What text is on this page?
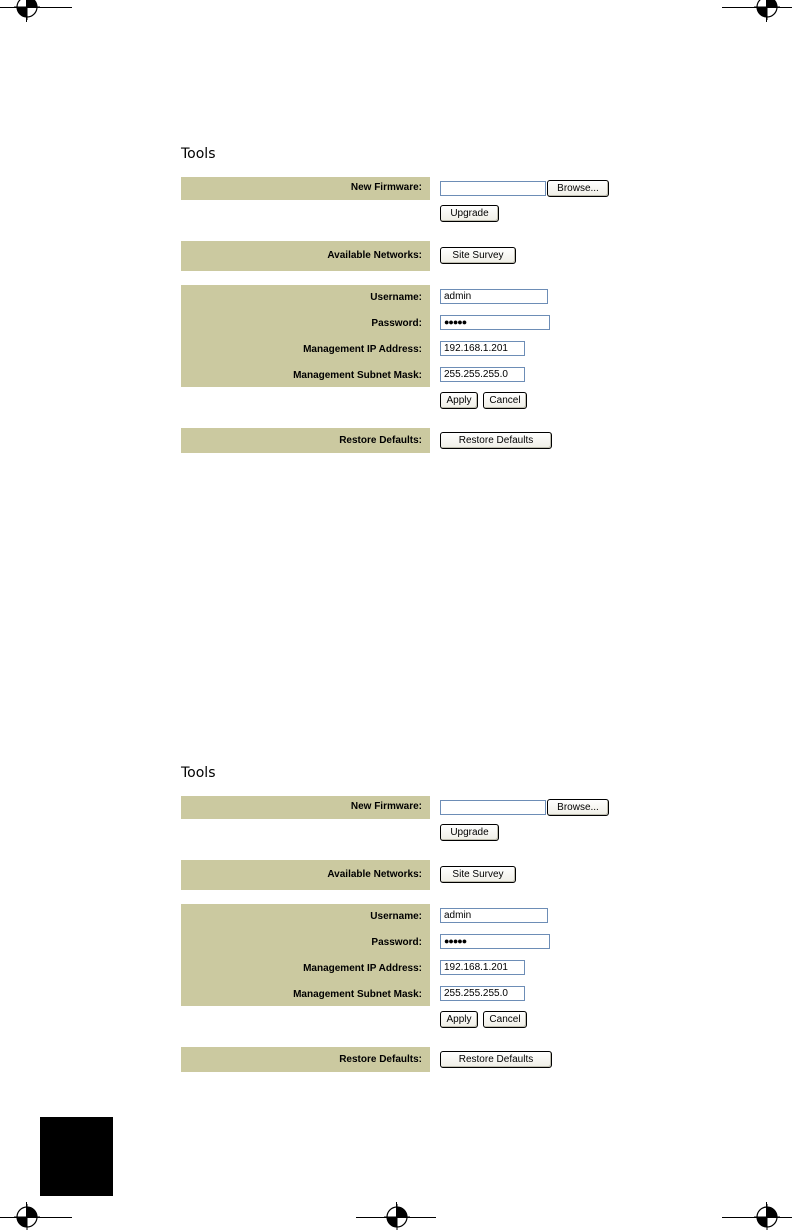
Tools
New Firmware:	Browse...
Upgrade
Available Networks:	Site Survey
Username:	admin
Password:	●●●●●
Management IP Address:	192.168.1.201
Management Subnet Mask:	255.255.255.0
Apply	Cancel
Restore Defaults:	Restore Defaults
Tools
New Firmware:	Browse...
Upgrade
Available Networks:	Site Survey
Username:	admin
Password:	●●●●●
Management IP Address:	192.168.1.201
Management Subnet Mask:	255.255.255.0
Apply	Cancel
Restore Defaults:	Restore Defaults
